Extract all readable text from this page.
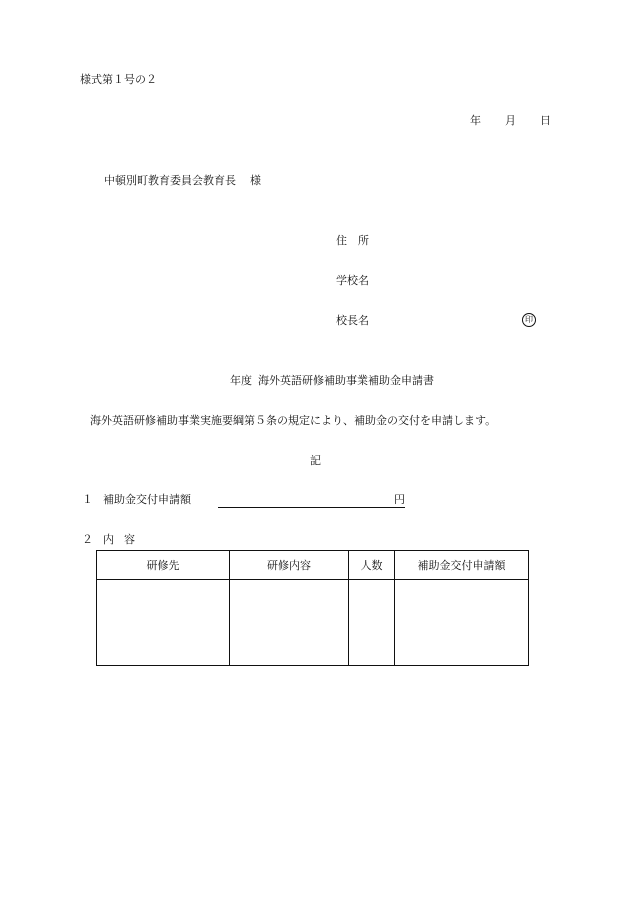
様式第１号の２
年 月 日
中頓別町教育委員会教育長 様
住　所
学校名
校長名	印
年度 海外英語研修補助事業補助金申請書
海外英語研修補助事業実施要綱第５条の規定により、補助金の交付を申請します。
記
１ 補助金交付申請額	円
２ 内容
研修先	研修内容	人数	補助金交付申請額
